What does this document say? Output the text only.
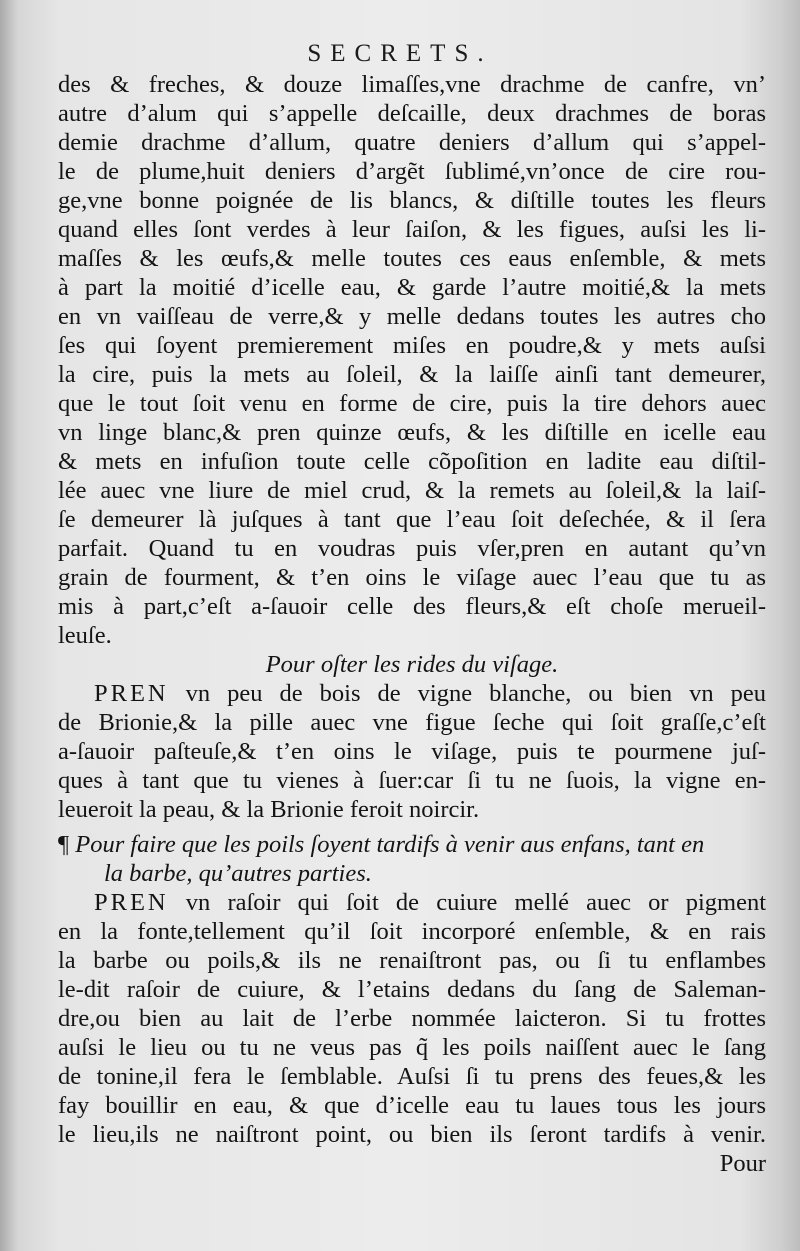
SECRETS.
des & freches, & douze limaſſes,vne drachme de canfre, vn’
autre d’alum qui s’appelle deſcaille, deux drachmes de boras
demie drachme d’allum, quatre deniers d’allum qui s’appel-
le de plume,huit deniers d’argẽt ſublimé,vn’once de cire rou-
ge,vne bonne poignée de lis blancs, & diſtille toutes les fleurs
quand elles ſont verdes à leur ſaiſon, & les figues, auſsi les li-
maſſes & les œufs,& melle toutes ces eaus enſemble, & mets
à part la moitié d’icelle eau, & garde l’autre moitié,& la mets
en vn vaiſſeau de verre,& y melle dedans toutes les autres cho
ſes qui ſoyent premierement miſes en poudre,& y mets auſsi
la cire, puis la mets au ſoleil, & la laiſſe ainſi tant demeurer,
que le tout ſoit venu en forme de cire, puis la tire dehors auec
vn linge blanc,& pren quinze œufs, & les diſtille en icelle eau
& mets en infuſion toute celle cõpoſition en ladite eau diſtil-
lée auec vne liure de miel crud, & la remets au ſoleil,& la laiſ-
ſe demeurer là juſques à tant que l’eau ſoit deſechée, & il ſera
parfait. Quand tu en voudras puis vſer,pren en autant qu’vn
grain de fourment, & t’en oins le viſage auec l’eau que tu as
mis à part,c’eſt a-ſauoir celle des fleurs,& eſt choſe merueil-
leuſe.
Pour oſter les rides du viſage.
PREN vn peu de bois de vigne blanche, ou bien vn peu
de Brionie,& la pille auec vne figue ſeche qui ſoit graſſe,c’eſt
a-ſauoir paſteuſe,& t’en oins le viſage, puis te pourmene juſ-
ques à tant que tu vienes à ſuer:car ſi tu ne ſuois, la vigne en-
leueroit la peau, & la Brionie feroit noircir.
¶ Pour faire que les poils ſoyent tardifs à venir aus enfans, tant en
la barbe, qu’autres parties.
PREN vn raſoir qui ſoit de cuiure mellé auec or pigment
en la fonte,tellement qu’il ſoit incorporé enſemble, & en rais
la barbe ou poils,& ils ne renaiſtront pas, ou ſi tu enflambes
le-dit raſoir de cuiure, & l’etains dedans du ſang de Saleman-
dre,ou bien au lait de l’erbe nommée laicteron. Si tu frottes
auſsi le lieu ou tu ne veus pas q̃ les poils naiſſent auec le ſang
de tonine,il fera le ſemblable. Auſsi ſi tu prens des feues,& les
fay bouillir en eau, & que d’icelle eau tu laues tous les jours
le lieu,ils ne naiſtront point, ou bien ils ſeront tardifs à venir.
Pour
